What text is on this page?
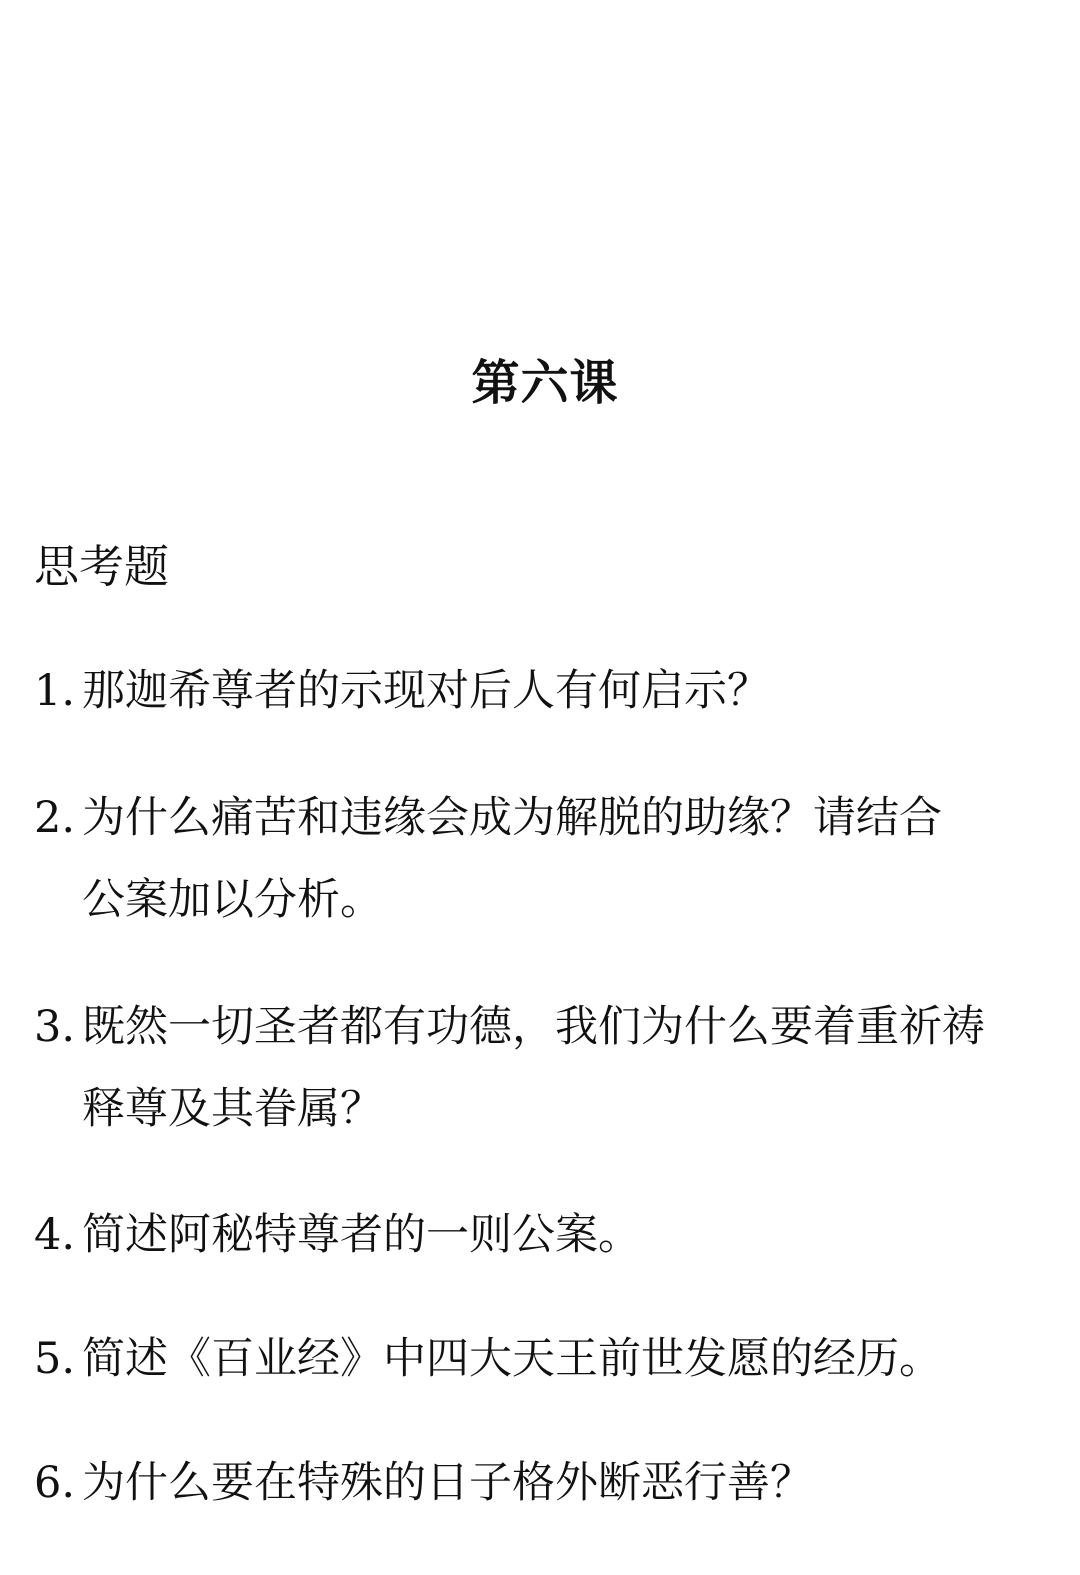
第六课
思考题
1. 那迦希尊者的示现对后人有何启示？
2. 为什么痛苦和违缘会成为解脱的助缘？请结合
公案加以分析。
3. 既然一切圣者都有功德，我们为什么要着重祈祷
释尊及其眷属？
4. 简述阿秘特尊者的一则公案。
5. 简述《百业经》中四大天王前世发愿的经历。
6. 为什么要在特殊的日子格外断恶行善？
